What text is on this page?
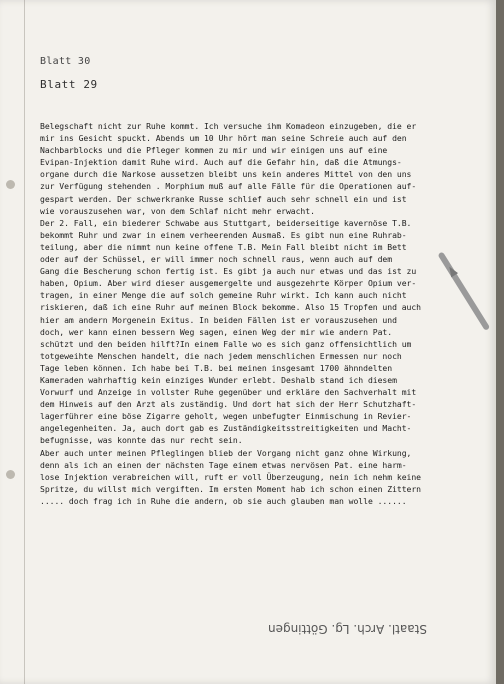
Blatt 30
Blatt 29
Belegschaft nicht zur Ruhe kommt. Ich versuche ihm Komadeon einzugeben, die er
mir ins Gesicht spuckt. Abends um 10 Uhr hört man seine Schreie auch auf den
Nachbarblocks und die Pfleger kommen zu mir und wir einigen uns auf eine
Evipan-Injektion damit Ruhe wird. Auch auf die Gefahr hin, daß die Atmungs-
organe durch die Narkose aussetzen bleibt uns kein anderes Mittel von den uns
zur Verfügung stehenden . Morphium muß auf alle Fälle für die Operationen auf-
gespart werden. Der schwerkranke Russe schlief auch sehr schnell ein und ist
wie vorauszusehen war, von dem Schlaf nicht mehr erwacht.
Der 2. Fall, ein biederer Schwabe aus Stuttgart, beiderseitige kavernöse T.B.
bekommt Ruhr und zwar in einem verheerenden Ausmaß. Es gibt nun eine Ruhrab-
teilung, aber die nimmt nun keine offene T.B. Mein Fall bleibt nicht im Bett
oder auf der Schüssel, er will immer noch schnell raus, wenn auch auf dem
Gang die Bescherung schon fertig ist. Es gibt ja auch nur etwas und das ist zu
haben, Opium. Aber wird dieser ausgemergelte und ausgezehrte Körper Opium ver-
tragen, in einer Menge die auf solch gemeine Ruhr wirkt. Ich kann auch nicht
riskieren, daß ich eine Ruhr auf meinen Block bekomme. Also 15 Tropfen und auch
hier am andern Morgenein Exitus. In beiden Fällen ist er vorauszusehen und
doch, wer kann einen bessern Weg sagen, einen Weg der mir wie andern Pat.
schützt und den beiden hilft?In einem Falle wo es sich ganz offensichtlich um
totgeweihte Menschen handelt, die nach jedem menschlichen Ermessen nur noch
Tage leben können. Ich habe bei T.B. bei meinen insgesamt 1700 ähnndelten
Kameraden wahrhaftig kein einziges Wunder erlebt. Deshalb stand ich diesem
Vorwurf und Anzeige in vollster Ruhe gegenüber und erkläre den Sachverhalt mit
dem Hinweis auf den Arzt als zuständig. Und dort hat sich der Herr Schutzhaft-
lagerführer eine böse Zigarre geholt, wegen unbefugter Einmischung in Revier-
angelegenheiten. Ja, auch dort gab es Zuständigkeitsstreitigkeiten und Macht-
befugnisse, was konnte das nur recht sein.
Aber auch unter meinen Pfleglingen blieb der Vorgang nicht ganz ohne Wirkung,
denn als ich an einen der nächsten Tage einem etwas nervösen Pat. eine harm-
lose Injektion verabreichen will, ruft er voll Überzeugung, nein ich nehm keine
Spritze, du willst mich vergiften. Im ersten Moment hab ich schon einen Zittern
..... doch frag ich in Ruhe die andern, ob sie auch glauben man wolle ......
Staatl. Arch. Lg. Göttingen
